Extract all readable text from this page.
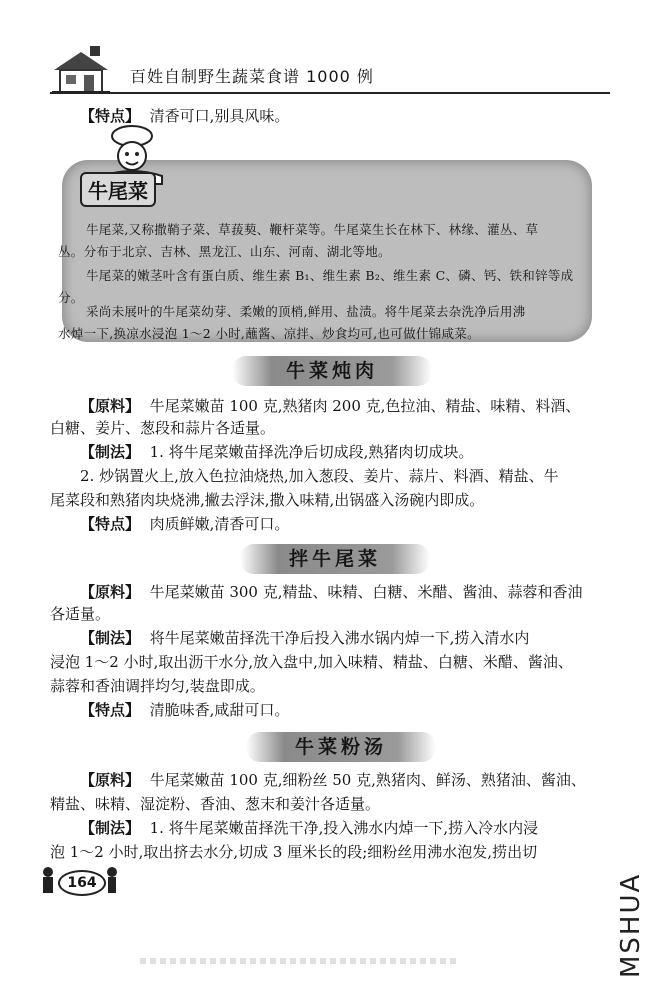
百姓自制野生蔬菜食谱 1000 例
【特点】 清香可口,别具风味。
牛尾菜
牛尾菜,又称撒鞘子菜、草菝葜、鞭杆菜等。牛尾菜生长在林下、林缘、灌丛、草
丛。分布于北京、吉林、黑龙江、山东、河南、湖北等地。
牛尾菜的嫩茎叶含有蛋白质、维生素 B₁、维生素 B₂、维生素 C、磷、钙、铁和锌等成
分。
采尚未展叶的牛尾菜幼芽、柔嫩的顶梢,鲜用、盐渍。将牛尾菜去杂洗净后用沸
水焯一下,换凉水浸泡 1～2 小时,蘸酱、凉拌、炒食均可,也可做什锦咸菜。
牛菜炖肉
【原料】 牛尾菜嫩苗 100 克,熟猪肉 200 克,色拉油、精盐、味精、料酒、
白糖、姜片、葱段和蒜片各适量。
【制法】 1. 将牛尾菜嫩苗择洗净后切成段,熟猪肉切成块。
2. 炒锅置火上,放入色拉油烧热,加入葱段、姜片、蒜片、料酒、精盐、牛
尾菜段和熟猪肉块烧沸,撇去浮沫,撒入味精,出锅盛入汤碗内即成。
【特点】 肉质鲜嫩,清香可口。
拌牛尾菜
【原料】 牛尾菜嫩苗 300 克,精盐、味精、白糖、米醋、酱油、蒜蓉和香油
各适量。
【制法】 将牛尾菜嫩苗择洗干净后投入沸水锅内焯一下,捞入清水内
浸泡 1～2 小时,取出沥干水分,放入盘中,加入味精、精盐、白糖、米醋、酱油、
蒜蓉和香油调拌均匀,装盘即成。
【特点】 清脆味香,咸甜可口。
牛菜粉汤
【原料】 牛尾菜嫩苗 100 克,细粉丝 50 克,熟猪肉、鲜汤、熟猪油、酱油、
精盐、味精、湿淀粉、香油、葱末和姜汁各适量。
【制法】 1. 将牛尾菜嫩苗择洗干净,投入沸水内焯一下,捞入冷水内浸
泡 1～2 小时,取出挤去水分,切成 3 厘米长的段;细粉丝用沸水泡发,捞出切
164	MSHUA
